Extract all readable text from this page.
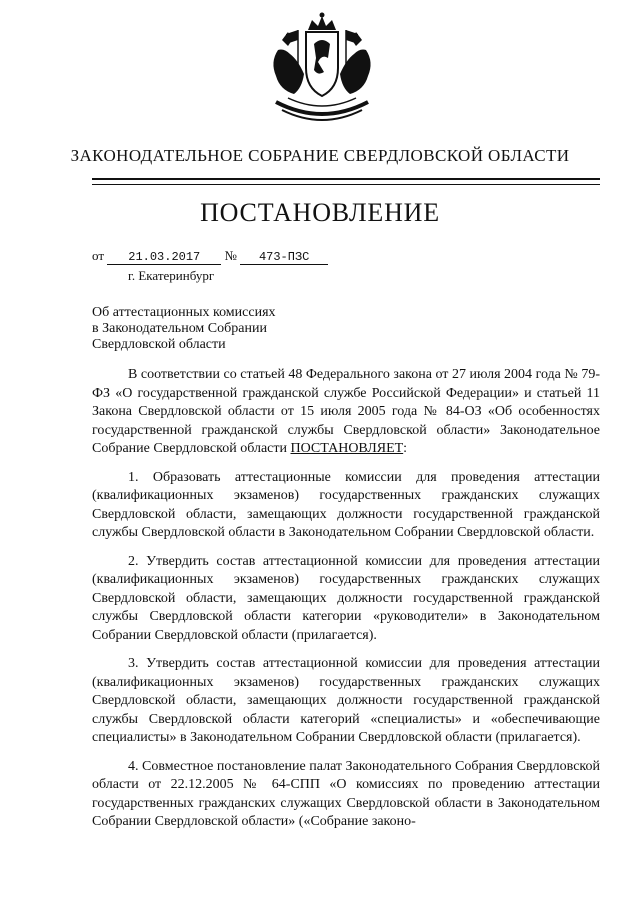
ЗАКОНОДАТЕЛЬНОЕ СОБРАНИЕ СВЕРДЛОВСКОЙ ОБЛАСТИ
ПОСТАНОВЛЕНИЕ
от 21.03.2017 № 473-ПЗС
г. Екатеринбург
Об аттестационных комиссиях
в Законодательном Собрании
Свердловской области

В соответствии со статьей 48 Федерального закона от 27 июля 2004 года № 79-ФЗ «О государственной гражданской службе Российской Федерации» и статьей 11 Закона Свердловской области от 15 июля 2005 года № 84-ОЗ «Об особенностях государственной гражданской службы Свердловской области» Законодательное Собрание Свердловской области ПОСТАНОВЛЯЕТ:

1. Образовать аттестационные комиссии для проведения аттестации (квалификационных экзаменов) государственных гражданских служащих Свердловской области, замещающих должности государственной гражданской службы Свердловской области в Законодательном Собрании Свердловской области.

2. Утвердить состав аттестационной комиссии для проведения аттестации (квалификационных экзаменов) государственных гражданских служащих Свердловской области, замещающих должности государственной гражданской службы Свердловской области категории «руководители» в Законодательном Собрании Свердловской области (прилагается).

3. Утвердить состав аттестационной комиссии для проведения аттестации (квалификационных экзаменов) государственных гражданских служащих Свердловской области, замещающих должности государственной гражданской службы Свердловской области категорий «специалисты» и «обеспечивающие специалисты» в Законодательном Собрании Свердловской области (прилагается).

4. Совместное постановление палат Законодательного Собрания Свердловской области от 22.12.2005 № 64-СПП «О комиссиях по проведению аттестации государственных гражданских служащих Свердловской области в Законодательном Собрании Свердловской области» («Собрание законо-
